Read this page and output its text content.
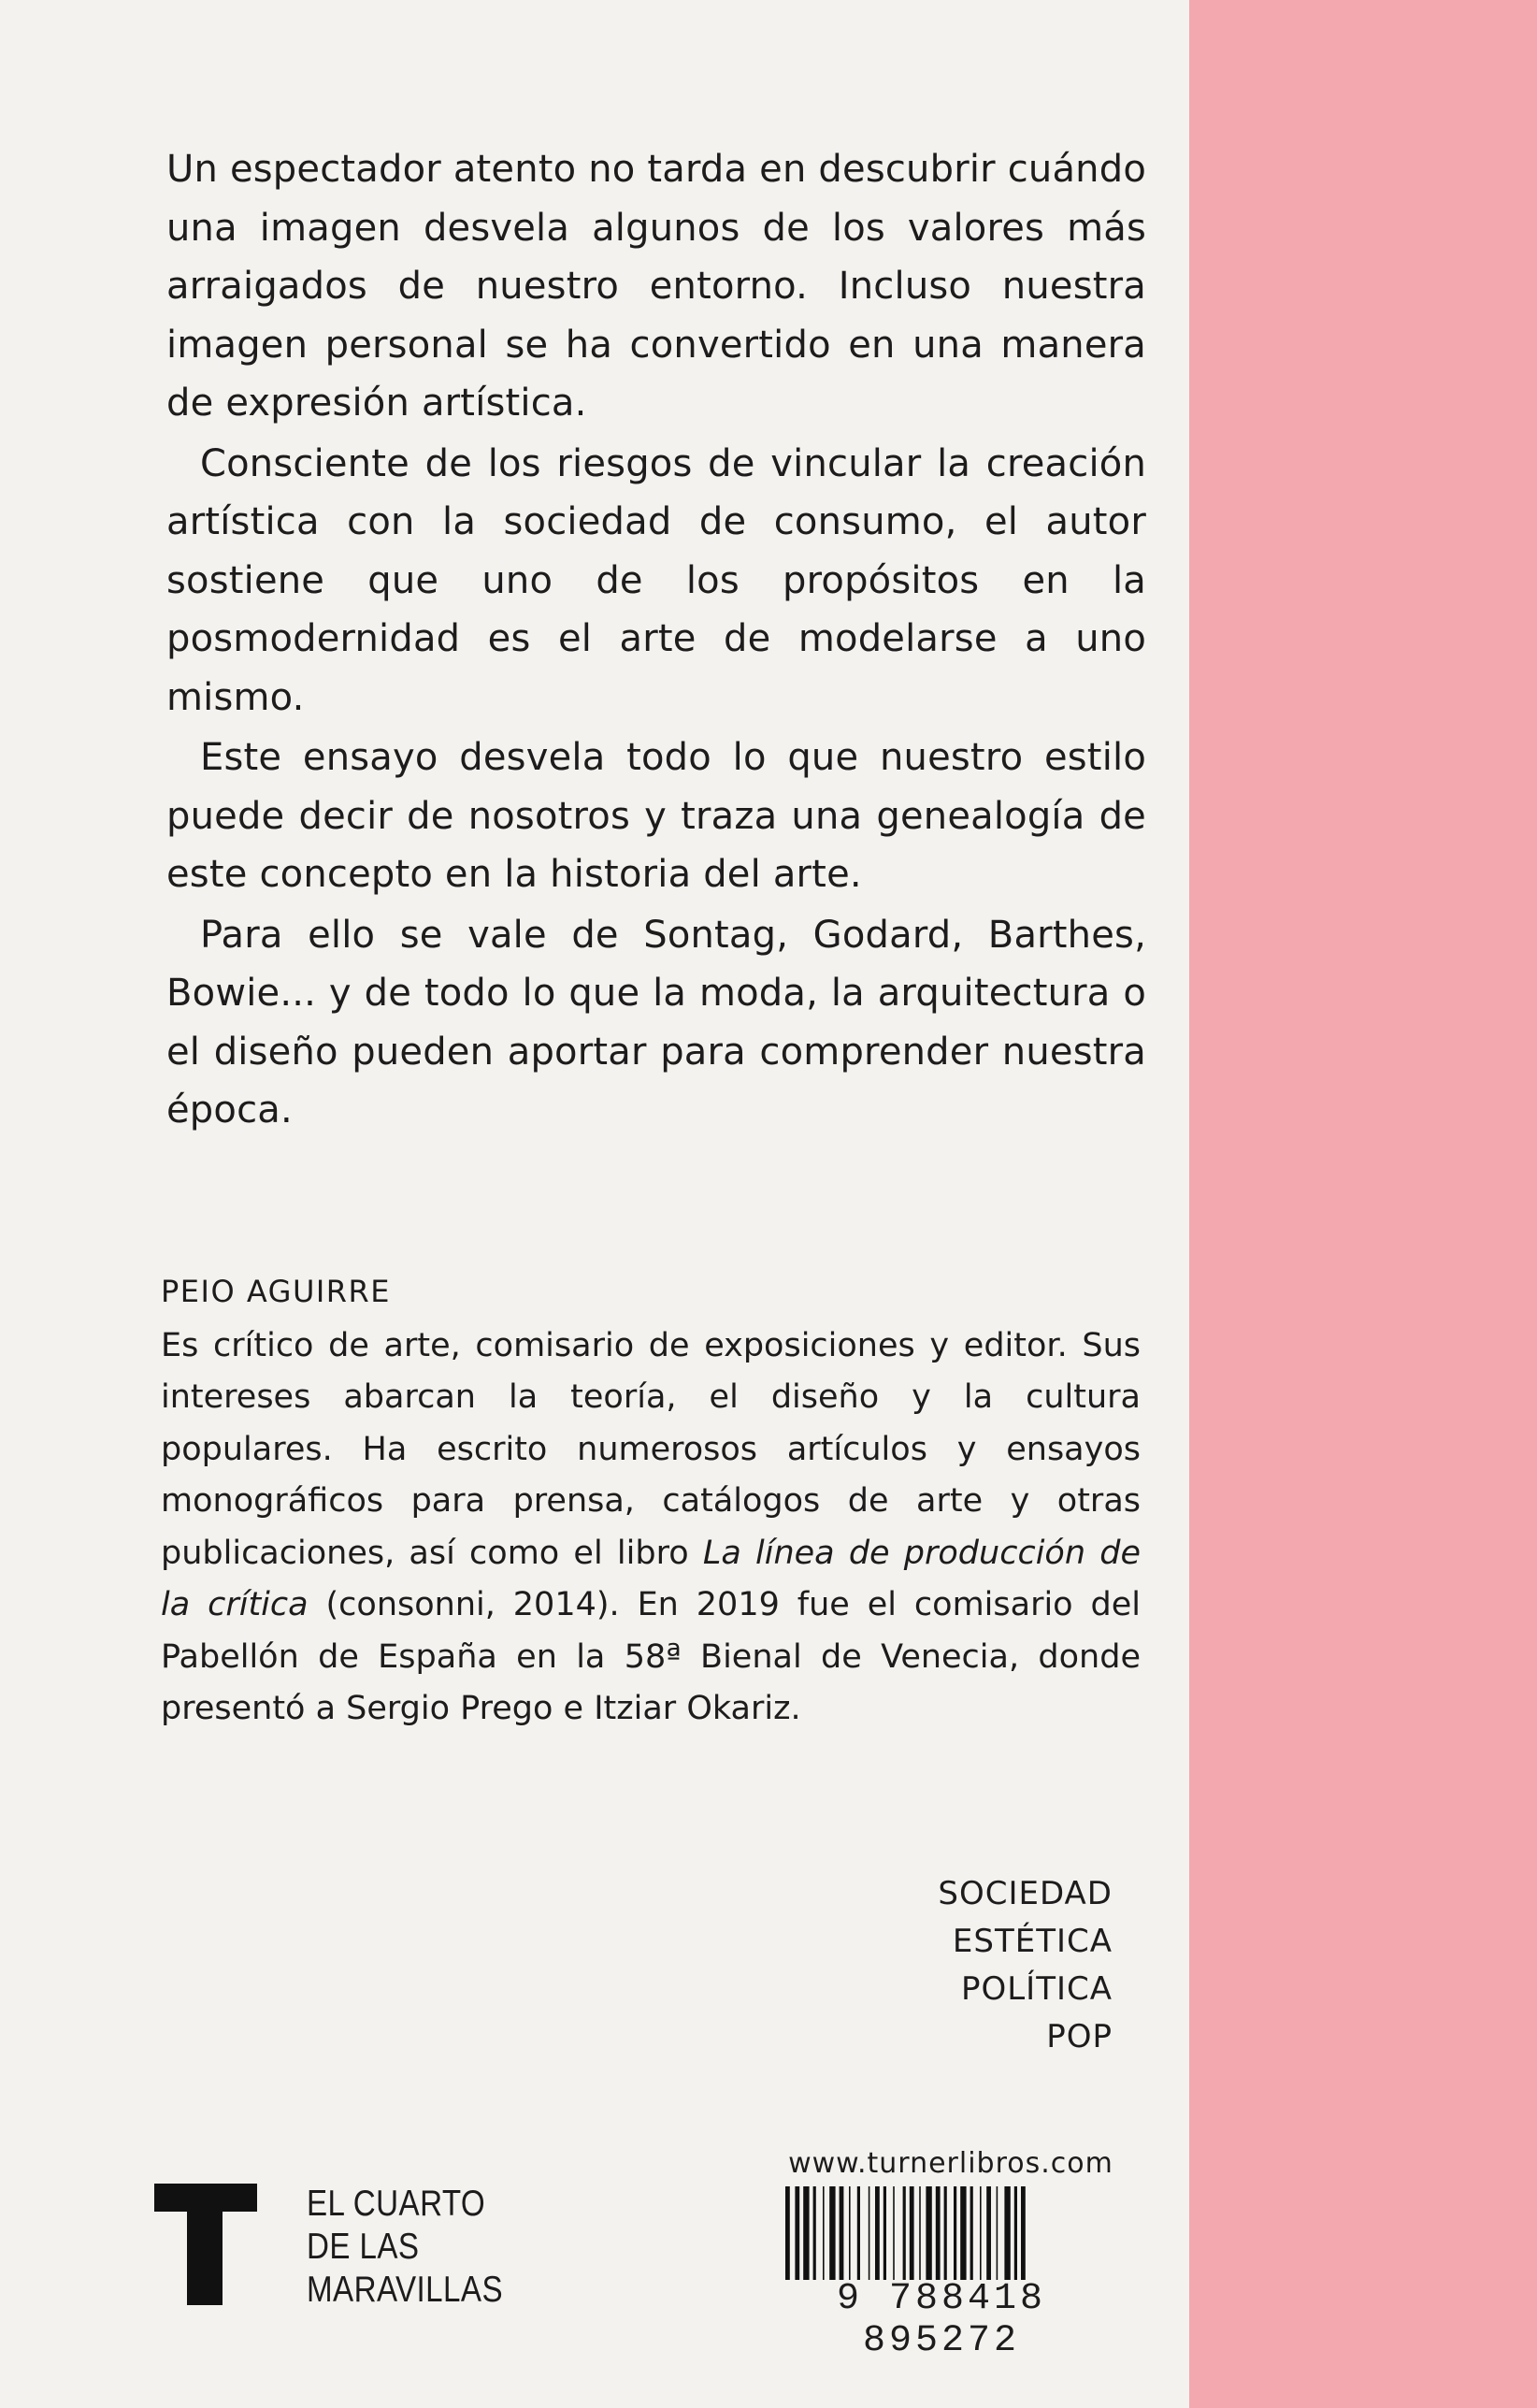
Un espectador atento no tarda en descubrir cuándo una imagen desvela algunos de los valores más arraigados de nuestro entorno. Incluso nuestra imagen personal se ha convertido en una manera de expresión artística.

Consciente de los riesgos de vincular la creación artística con la sociedad de consumo, el autor sostiene que uno de los propósitos en la posmodernidad es el arte de modelarse a uno mismo.

Este ensayo desvela todo lo que nuestro estilo puede decir de nosotros y traza una genealogía de este concepto en la historia del arte.

Para ello se vale de Sontag, Godard, Barthes, Bowie... y de todo lo que la moda, la arquitectura o el diseño pueden aportar para comprender nuestra época.

PEIO AGUIRRE

Es crítico de arte, comisario de exposiciones y editor. Sus intereses abarcan la teoría, el diseño y la cultura populares. Ha escrito numerosos artículos y ensayos monográficos para prensa, catálogos de arte y otras publicaciones, así como el libro La línea de producción de la crítica (consonni, 2014). En 2019 fue el comisario del Pabellón de España en la 58ª Bienal de Venecia, donde presentó a Sergio Prego e Itziar Okariz.

SOCIEDAD
ESTÉTICA
POLÍTICA
POP
EL CUARTO
DE LAS
MARAVILLAS
www.turnerlibros.com
9 788418 895272
